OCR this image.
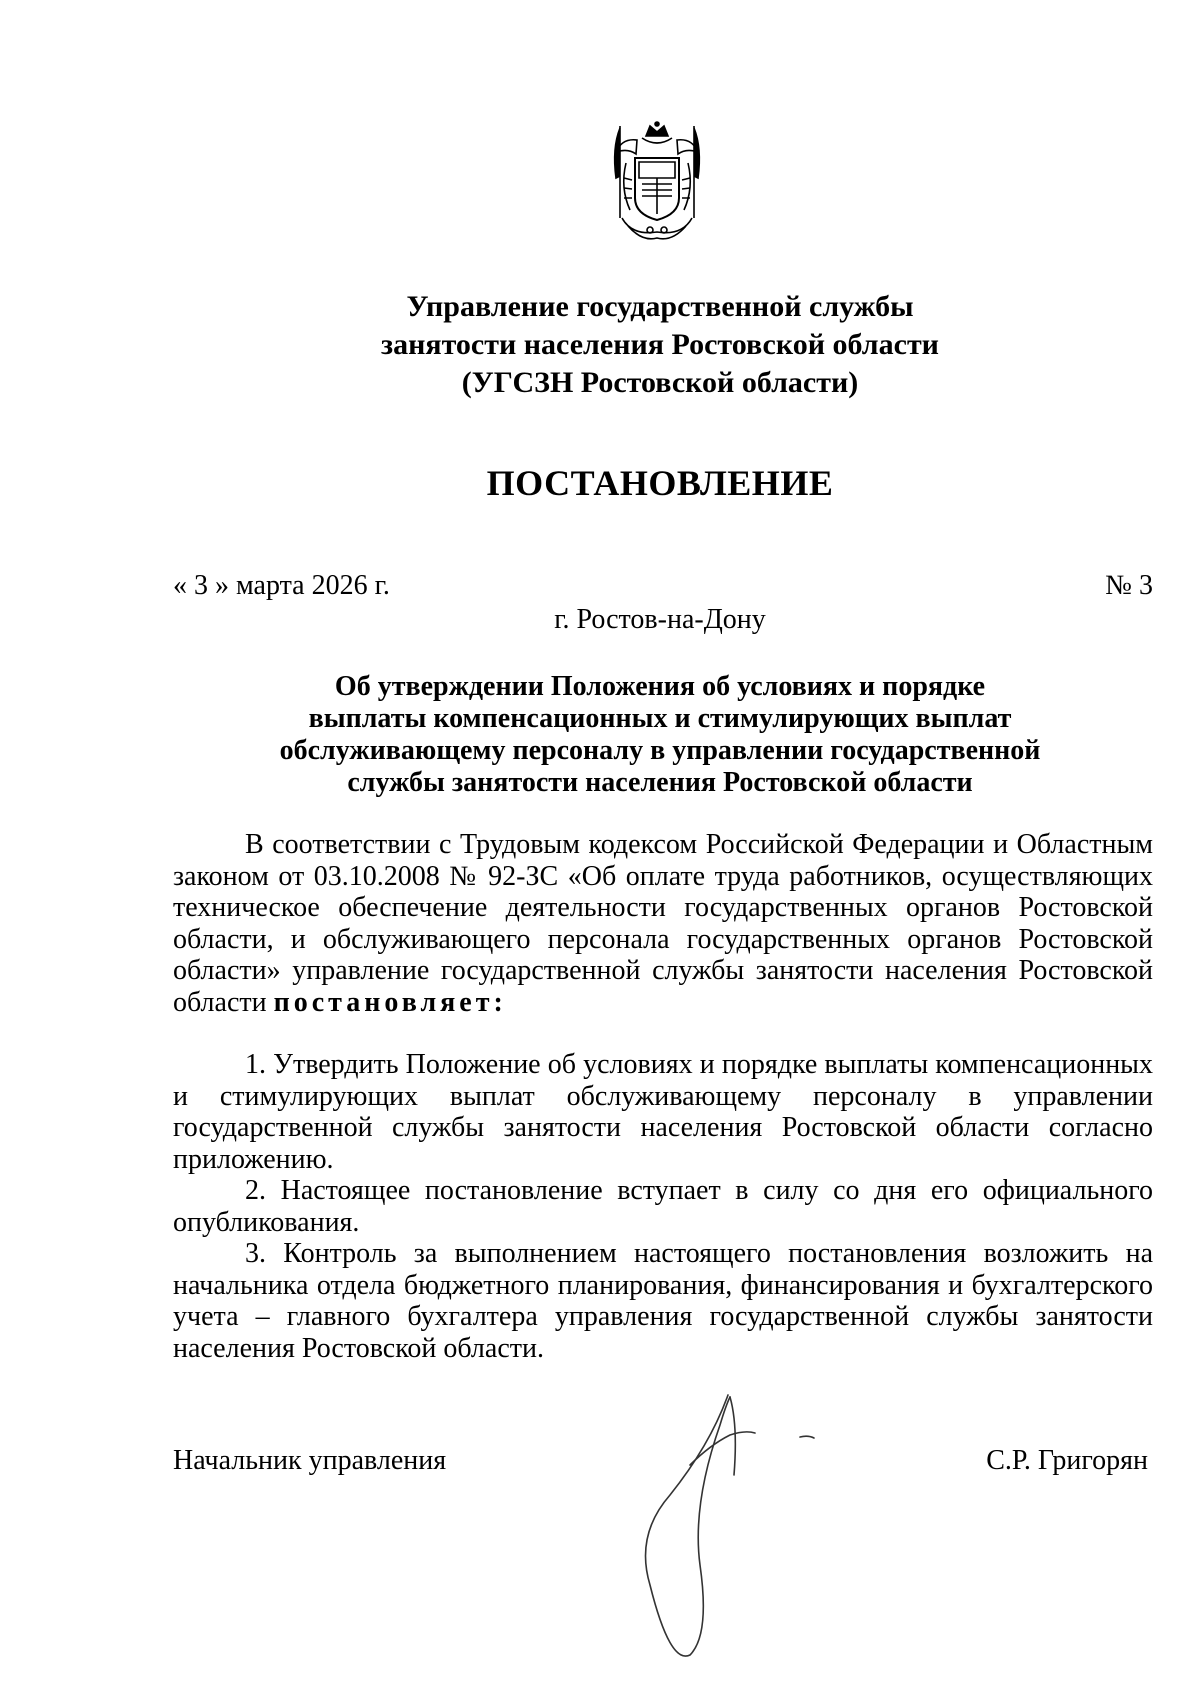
Управление государственной службы
занятости населения Ростовской области
(УГСЗН Ростовской области)
ПОСТАНОВЛЕНИЕ
« 3 » марта 2026 г.	№ 3
г. Ростов-на-Дону
Об утверждении Положения об условиях и порядке
выплаты компенсационных и стимулирующих выплат
обслуживающему персоналу в управлении государственной
службы занятости населения Ростовской области

В соответствии с Трудовым кодексом Российской Федерации и Областным законом от 03.10.2008 № 92-ЗС «Об оплате труда работников, осуществляющих техническое обеспечение деятельности государственных органов Ростовской области, и обслуживающего персонала государственных органов Ростовской области» управление государственной службы занятости населения Ростовской области постановляет:

1. Утвердить Положение об условиях и порядке выплаты компенсационных и стимулирующих выплат обслуживающему персоналу в управлении государственной службы занятости населения Ростовской области согласно приложению.

2. Настоящее постановление вступает в силу со дня его официального опубликования.

3. Контроль за выполнением настоящего постановления возложить на начальника отдела бюджетного планирования, финансирования и бухгалтерского учета – главного бухгалтера управления государственной службы занятости населения Ростовской области.

Начальник управления	С.Р. Григорян
